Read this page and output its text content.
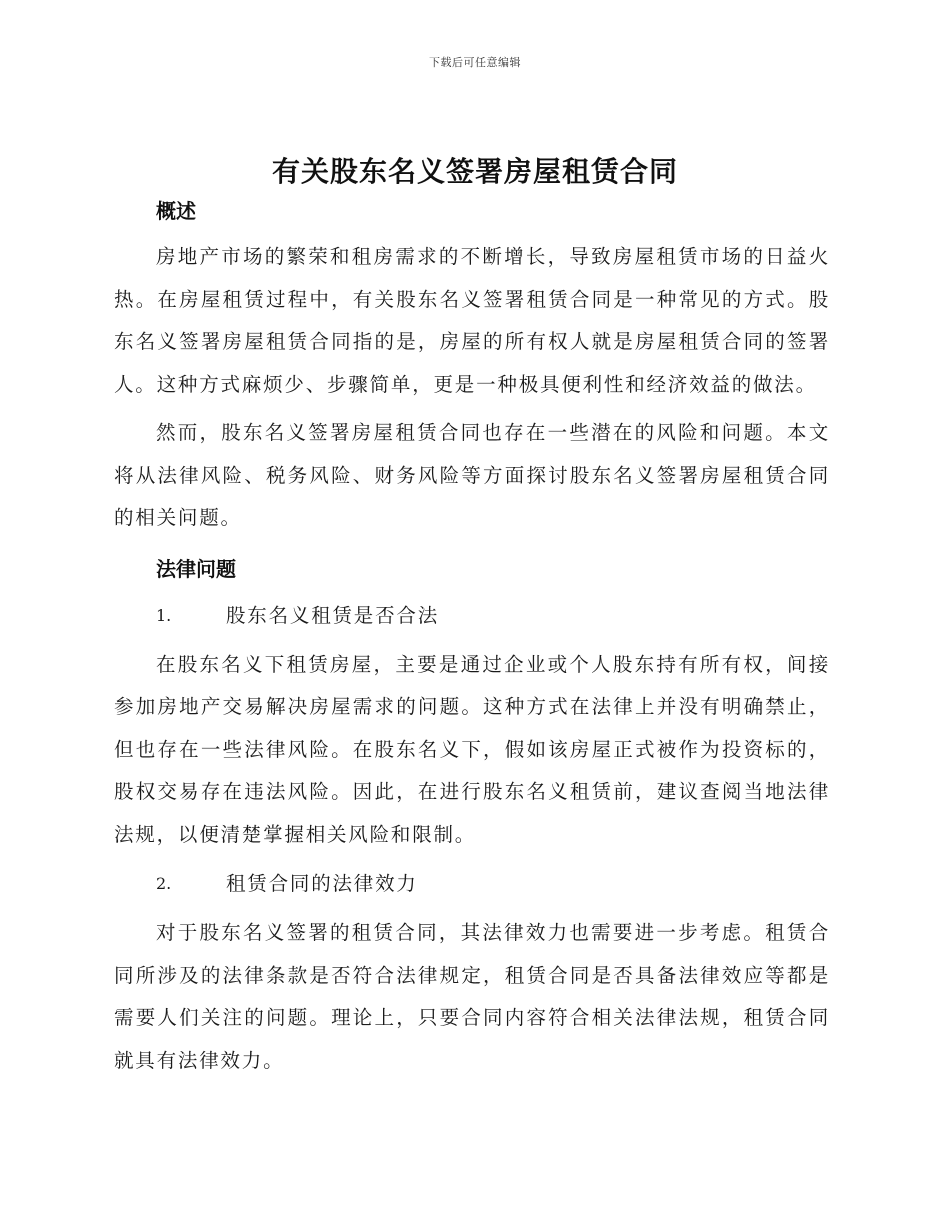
下载后可任意编辑
有关股东名义签署房屋租赁合同
概述

房地产市场的繁荣和租房需求的不断增长，导致房屋租赁市场的日益火热。在房屋租赁过程中，有关股东名义签署租赁合同是一种常见的方式。股东名义签署房屋租赁合同指的是，房屋的所有权人就是房屋租赁合同的签署人。这种方式麻烦少、步骤简单，更是一种极具便利性和经济效益的做法。

然而，股东名义签署房屋租赁合同也存在一些潜在的风险和问题。本文将从法律风险、税务风险、财务风险等方面探讨股东名义签署房屋租赁合同的相关问题。

法律问题
1.	股东名义租赁是否合法

在股东名义下租赁房屋，主要是通过企业或个人股东持有所有权，间接参加房地产交易解决房屋需求的问题。这种方式在法律上并没有明确禁止，但也存在一些法律风险。在股东名义下，假如该房屋正式被作为投资标的，股权交易存在违法风险。因此，在进行股东名义租赁前，建议查阅当地法律法规，以便清楚掌握相关风险和限制。

2.	租赁合同的法律效力

对于股东名义签署的租赁合同，其法律效力也需要进一步考虑。租赁合同所涉及的法律条款是否符合法律规定，租赁合同是否具备法律效应等都是需要人们关注的问题。理论上，只要合同内容符合相关法律法规，租赁合同就具有法律效力。
